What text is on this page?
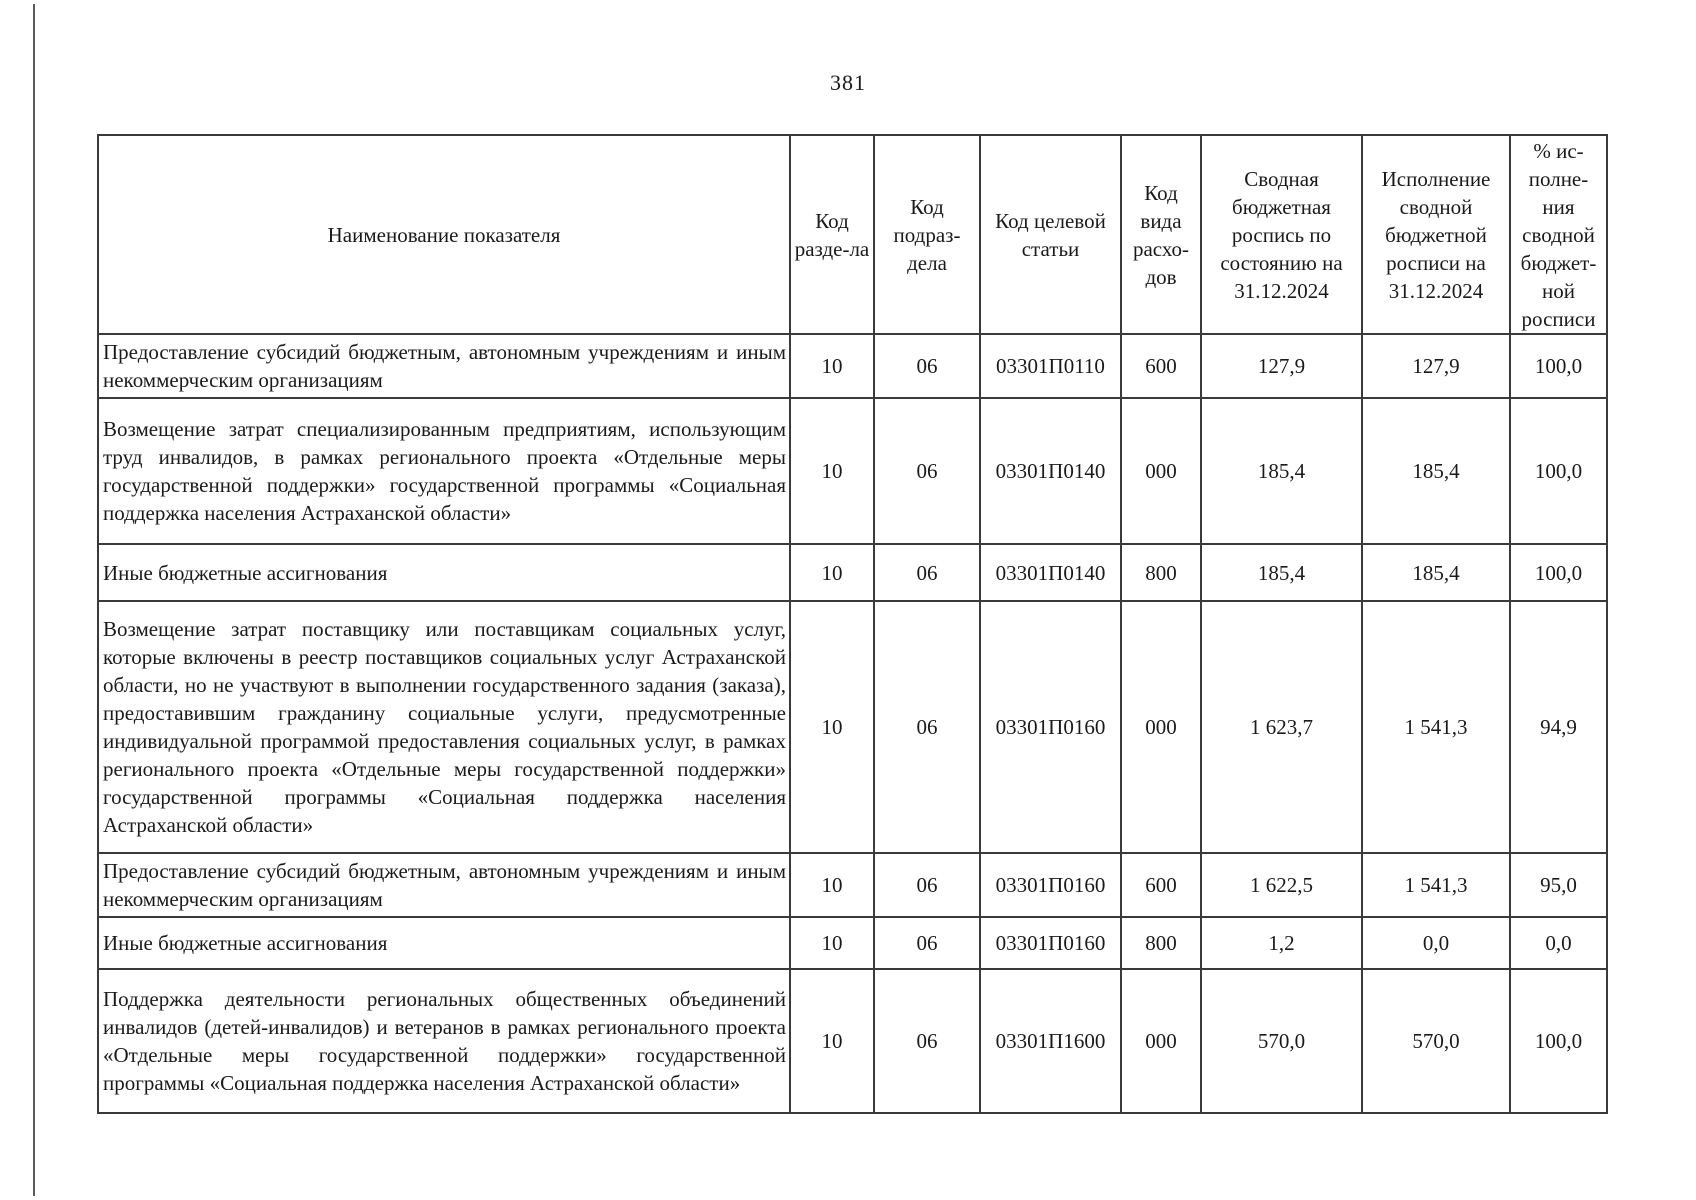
381
Наименование показателя	Код разде-ла	Код подраз-дела	Код целевой статьи	Код вида расхо-дов	Сводная бюджетная роспись по состоянию на 31.12.2024	Исполнение сводной бюджетной росписи на 31.12.2024	% ис-полне-ния сводной бюджет-ной росписи
Предоставление субсидий бюджетным, автономным учреждениям и иным некоммерческим организациям	10	06	03301П0110	600	127,9	127,9	100,0
Возмещение затрат специализированным предприятиям, использующим труд инвалидов, в рамках регионального проекта «Отдельные меры государственной поддержки» государственной программы «Социальная поддержка населения Астраханской области»	10	06	03301П0140	000	185,4	185,4	100,0
Иные бюджетные ассигнования	10	06	03301П0140	800	185,4	185,4	100,0
Возмещение затрат поставщику или поставщикам социальных услуг, которые включены в реестр поставщиков социальных услуг Астраханской области, но не участвуют в выполнении государственного задания (заказа), предоставившим гражданину социальные услуги, предусмотренные индивидуальной программой предоставления социальных услуг, в рамках регионального проекта «Отдельные меры государственной поддержки» государственной программы «Социальная поддержка населения Астраханской области»	10	06	03301П0160	000	1 623,7	1 541,3	94,9
Предоставление субсидий бюджетным, автономным учреждениям и иным некоммерческим организациям	10	06	03301П0160	600	1 622,5	1 541,3	95,0
Иные бюджетные ассигнования	10	06	03301П0160	800	1,2	0,0	0,0
Поддержка деятельности региональных общественных объединений инвалидов (детей-инвалидов) и ветеранов в рамках регионального проекта «Отдельные меры государственной поддержки» государственной программы «Социальная поддержка населения Астраханской области»	10	06	03301П1600	000	570,0	570,0	100,0
